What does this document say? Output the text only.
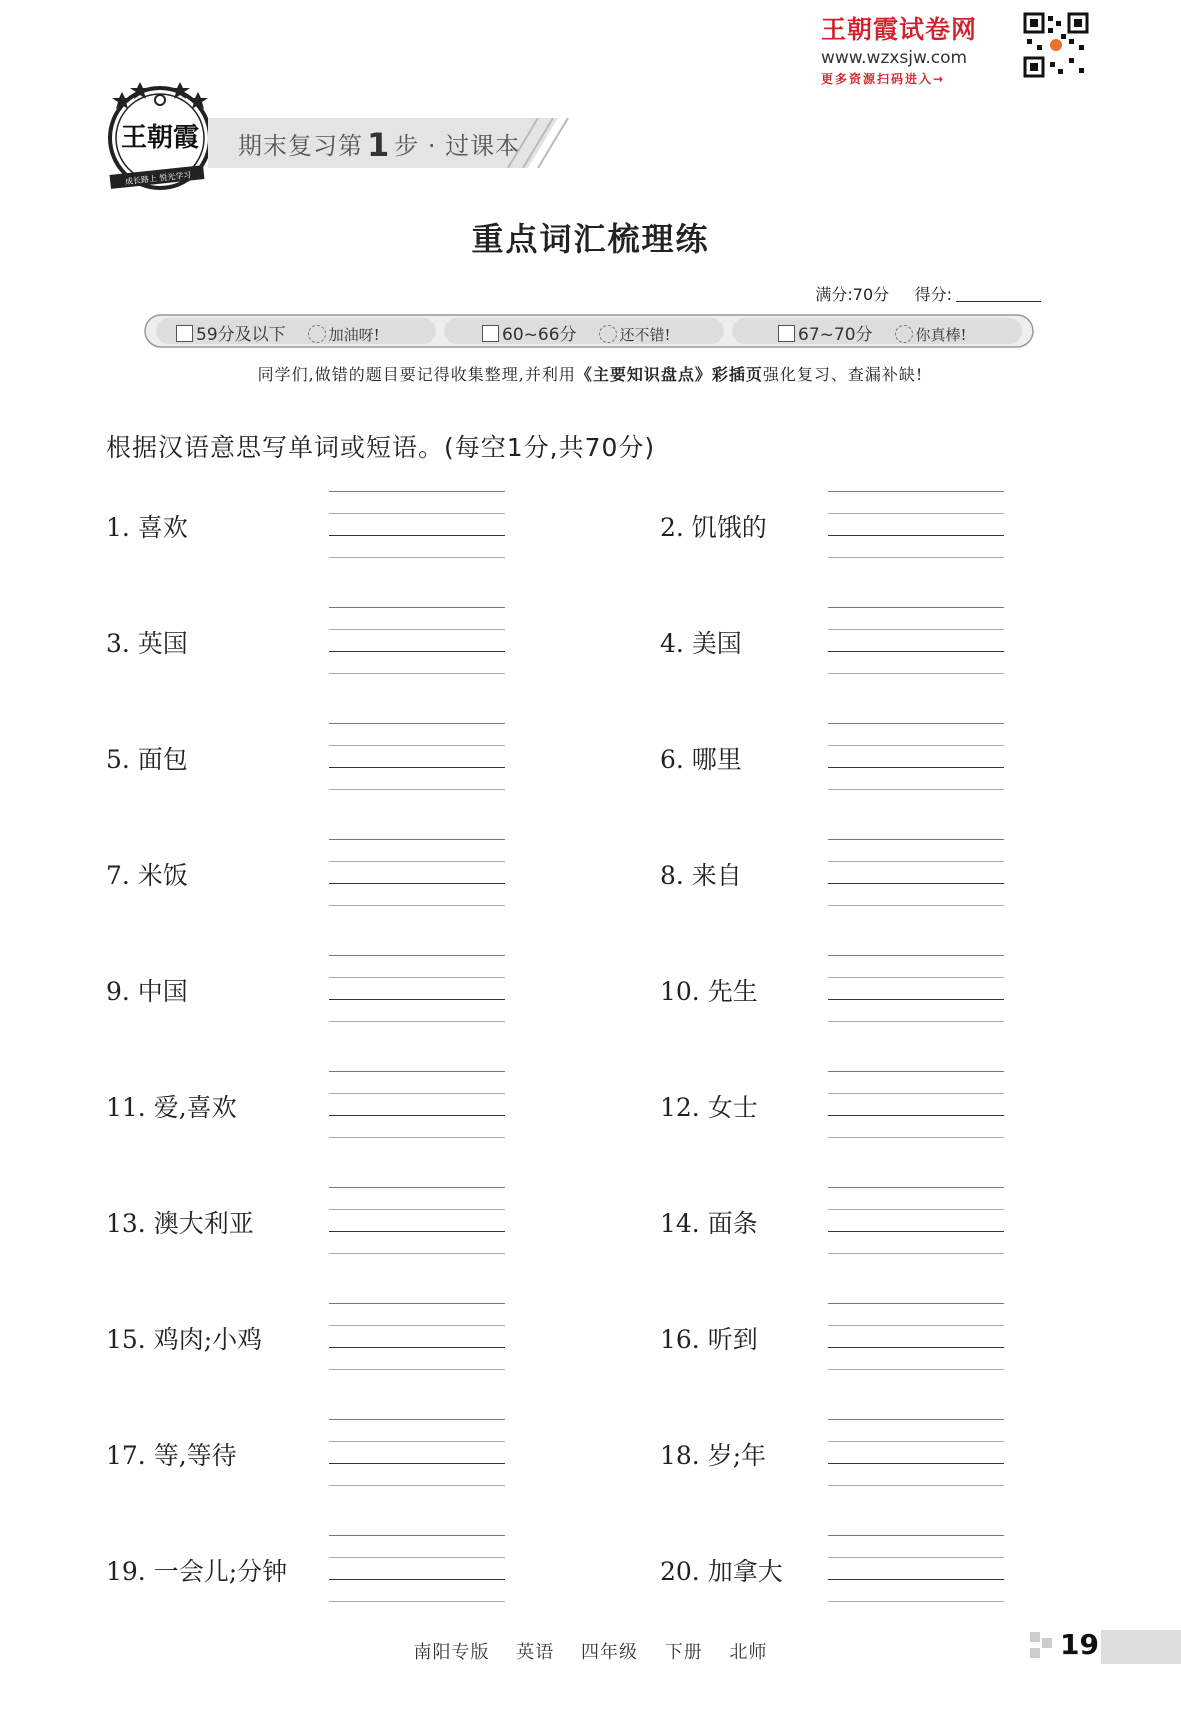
王朝霞试卷网
www.wzxsjw.com
更多资源扫码进入→
王朝霞
成长路上 悦光学习
期末复习第 1 步 · 过课本
重点词汇梳理练
满分:70分 得分:
59分及以下	加油呀!	60~66分	还不错!	67~70分	你真棒!
同学们,做错的题目要记得收集整理,并利用《主要知识盘点》彩插页强化复习、查漏补缺!
根据汉语意思写单词或短语。(每空1分,共70分)
1. 喜欢	2. 饥饿的
3. 英国	4. 美国
5. 面包	6. 哪里
7. 米饭	8. 来自
9. 中国	10. 先生
11. 爱,喜欢	12. 女士
13. 澳大利亚	14. 面条
15. 鸡肉;小鸡	16. 听到
17. 等,等待	18. 岁;年
19. 一会儿;分钟	20. 加拿大
南阳专版 英语 四年级 下册 北师	19
